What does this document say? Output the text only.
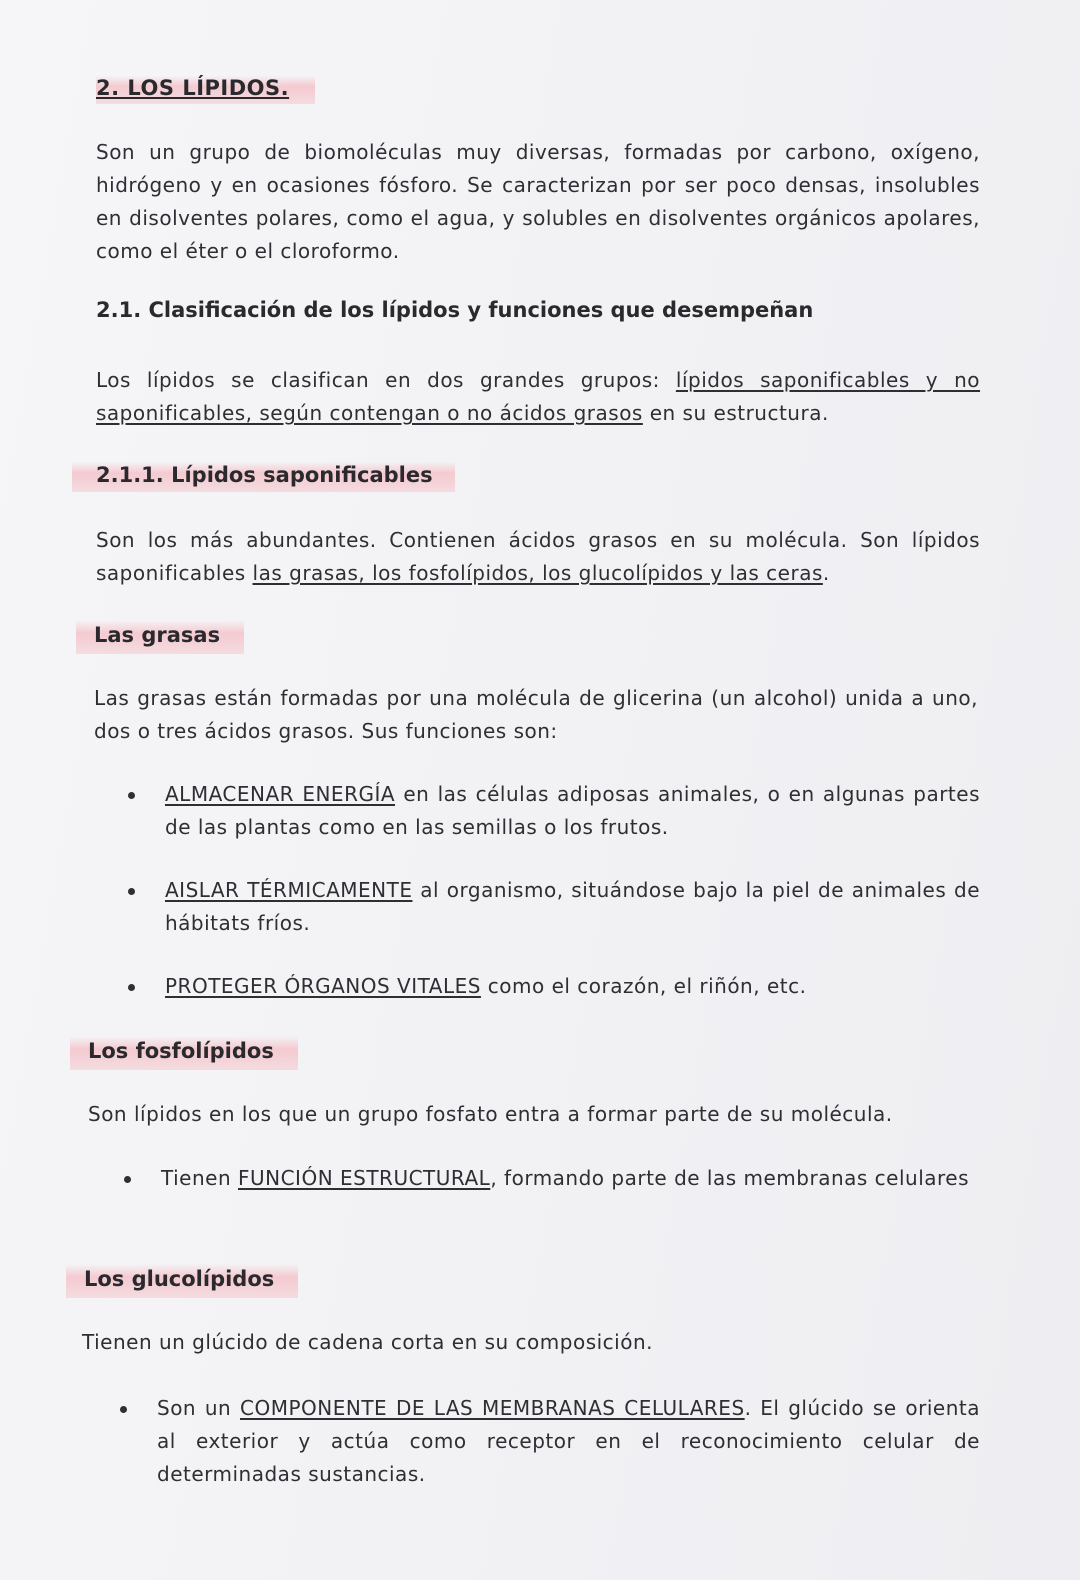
2. LOS LÍPIDOS.
Son un grupo de biomoléculas muy diversas, formadas por carbono, oxígeno, hidrógeno y en ocasiones fósforo. Se caracterizan por ser poco densas, insolubles en disolventes polares, como el agua, y solubles en disolventes orgánicos apolares, como el éter o el cloroformo.
2.1. Clasificación de los lípidos y funciones que desempeñan
Los lípidos se clasifican en dos grandes grupos: lípidos saponificables y no saponificables, según contengan o no ácidos grasos en su estructura.
2.1.1. Lípidos saponificables
Son los más abundantes. Contienen ácidos grasos en su molécula. Son lípidos saponificables las grasas, los fosfolípidos, los glucolípidos y las ceras.
Las grasas
Las grasas están formadas por una molécula de glicerina (un alcohol) unida a uno, dos o tres ácidos grasos. Sus funciones son:
ALMACENAR ENERGÍA en las células adiposas animales, o en algunas partes de las plantas como en las semillas o los frutos.
AISLAR TÉRMICAMENTE al organismo, situándose bajo la piel de animales de hábitats fríos.
PROTEGER ÓRGANOS VITALES como el corazón, el riñón, etc.
Los fosfolípidos
Son lípidos en los que un grupo fosfato entra a formar parte de su molécula.
Tienen FUNCIÓN ESTRUCTURAL, formando parte de las membranas celulares
Los glucolípidos
Tienen un glúcido de cadena corta en su composición.
Son un COMPONENTE DE LAS MEMBRANAS CELULARES. El glúcido se orienta al exterior y actúa como receptor en el reconocimiento celular de determinadas sustancias.
